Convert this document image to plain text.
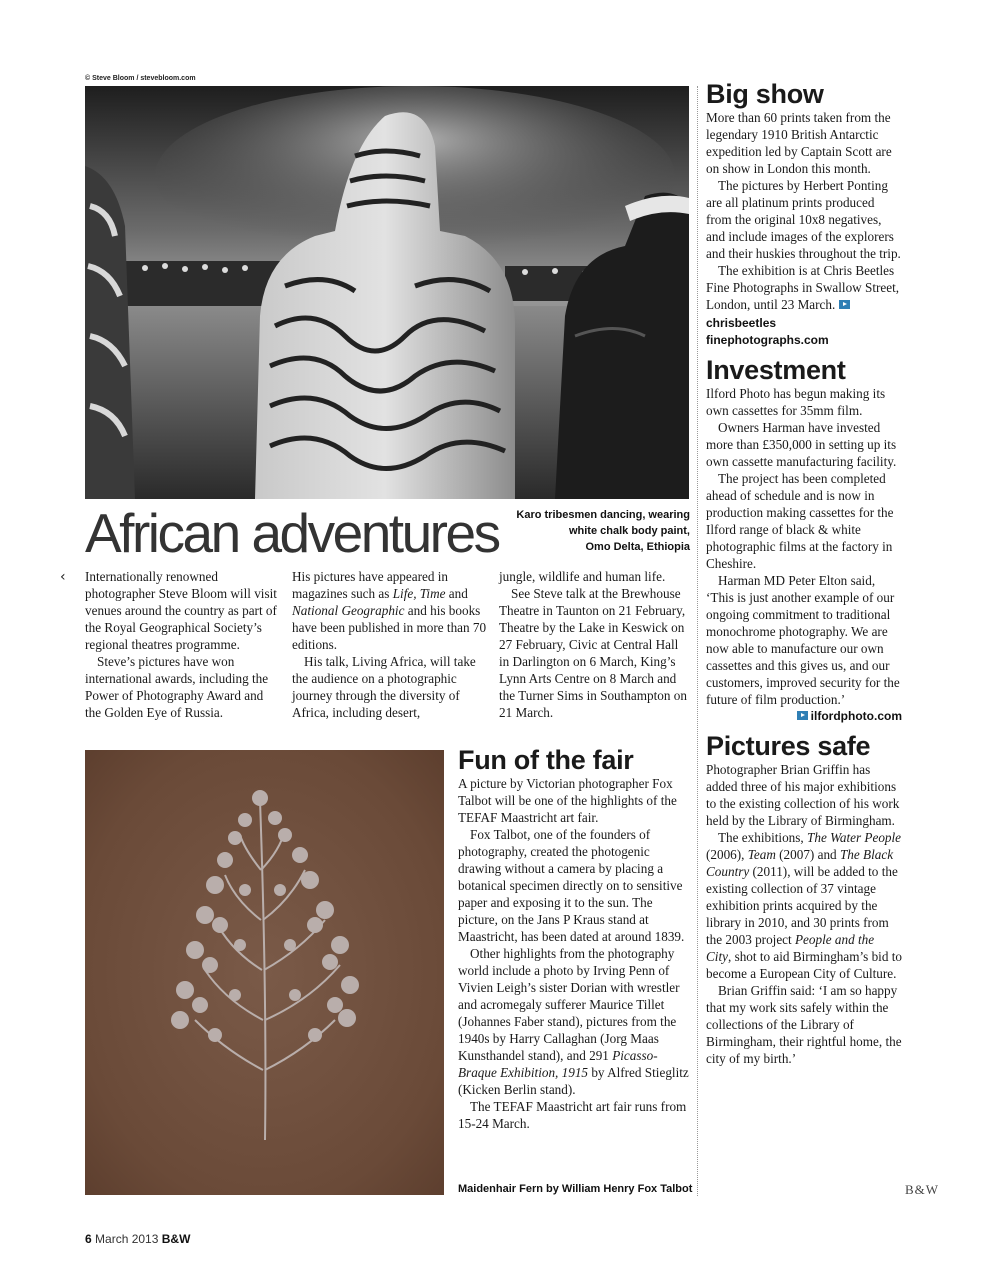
© Steve Bloom / stevebloom.com
African adventures	Karo tribesmen dancing, wearing
white chalk body paint,
Omo Delta, Ethiopia
‹ Internationally renowned photographer Steve Bloom will visit venues around the country as part of the Royal Geographical Society’s regional theatres programme.

Steve’s pictures have won international awards, including the Power of Photography Award and the Golden Eye of Russia.

His pictures have appeared in magazines such as Life, Time and National Geographic and his books have been published in more than 70 editions.

His talk, Living Africa, will take the audience on a photographic journey through the diversity of Africa, including desert,

jungle, wildlife and human life.

See Steve talk at the Brewhouse Theatre in Taunton on 21 February, Theatre by the Lake in Keswick on 27 February, Civic at Central Hall in Darlington on 6 March, King’s Lynn Arts Centre on 8 March and the Turner Sims in Southampton on 21 March.

Maidenhair Fern by William Henry Fox Talbot
Fun of the fair

A picture by Victorian photographer Fox Talbot will be one of the highlights of the TEFAF Maastricht art fair.

Fox Talbot, one of the founders of photography, created the photogenic drawing without a camera by placing a botanical specimen directly on to sensitive paper and exposing it to the sun. The picture, on the Jans P Kraus stand at Maastricht, has been dated at around 1839.

Other highlights from the photography world include a photo by Irving Penn of Vivien Leigh’s sister Dorian with wrestler and acromegaly sufferer Maurice Tillet (Johannes Faber stand), pictures from the 1940s by Harry Callaghan (Jorg Maas Kunsthandel stand), and 291 Picasso-Braque Exhibition, 1915 by Alfred Stieglitz (Kicken Berlin stand).

The TEFAF Maastricht art fair runs from 15-24 March.

Big show

More than 60 prints taken from the legendary 1910 British Antarctic expedition led by Captain Scott are on show in London this month.

The pictures by Herbert Ponting are all platinum prints produced from the original 10x8 negatives, and include images of the explorers and their huskies throughout the trip.

The exhibition is at Chris Beetles Fine Photographs in Swallow Street, London, until 23 March. chrisbeetles

finephotographs.com

Investment

Ilford Photo has begun making its own cassettes for 35mm film.

Owners Harman have invested more than £350,000 in setting up its own cassette manufacturing facility.

The project has been completed ahead of schedule and is now in production making cassettes for the Ilford range of black & white photographic films at the factory in Cheshire.

Harman MD Peter Elton said, ‘This is just another example of our ongoing commitment to traditional monochrome photography. We are now able to manufacture our own cassettes and this gives us, and our customers, improved security for the future of film production.’

ilfordphoto.com

Pictures safe

Photographer Brian Griffin has added three of his major exhibitions to the existing collection of his work held by the Library of Birmingham.

The exhibitions, The Water People (2006), Team (2007) and The Black Country (2011), will be added to the existing collection of 37 vintage exhibition prints acquired by the library in 2010, and 30 prints from the 2003 project People and the City, shot to aid Birmingham’s bid to become a European City of Culture.

Brian Griffin said: ‘I am so happy that my work sits safely within the collections of the Library of Birmingham, their rightful home, the city of my birth.’

B&W
6 March 2013 B&W
